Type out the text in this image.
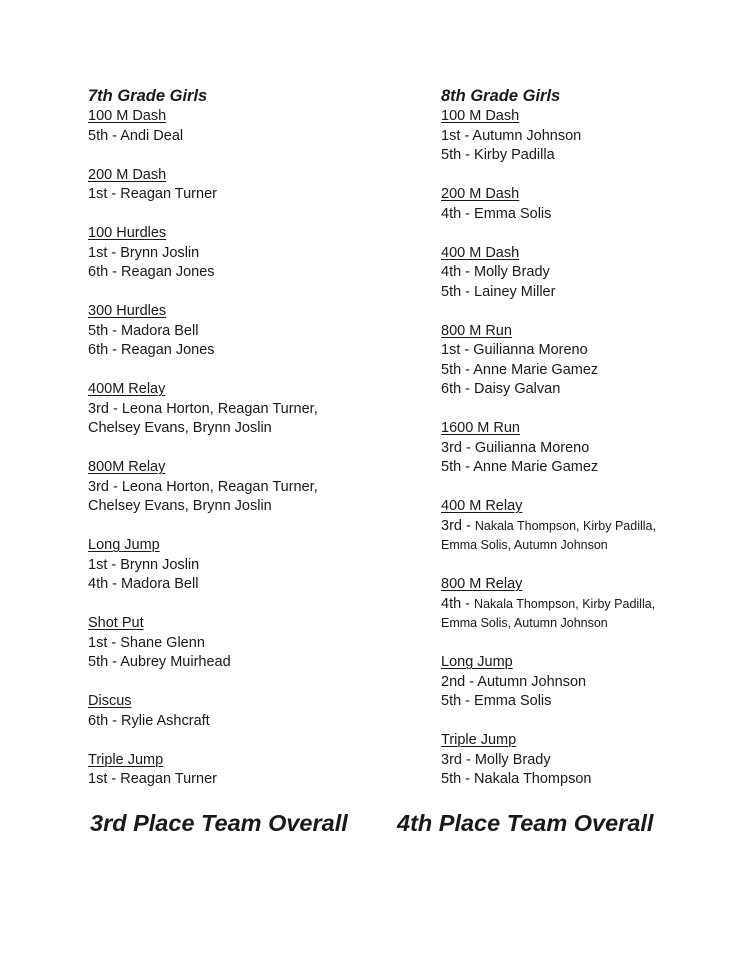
7th Grade Girls

100 M Dash
5th - Andi Deal
200 M Dash
1st - Reagan Turner
100 Hurdles
1st - Brynn Joslin
6th - Reagan Jones
300 Hurdles
5th - Madora Bell
6th - Reagan Jones
400M Relay
3rd - Leona Horton, Reagan Turner,
Chelsey Evans, Brynn Joslin
800M Relay
3rd - Leona Horton, Reagan Turner,
Chelsey Evans, Brynn Joslin
Long Jump
1st - Brynn Joslin
4th - Madora Bell
Shot Put
1st - Shane Glenn
5th - Aubrey Muirhead
Discus
6th - Rylie Ashcraft
Triple Jump
1st - Reagan Turner

8th Grade Girls

100 M Dash
1st - Autumn Johnson
5th - Kirby Padilla
200 M Dash
4th - Emma Solis
400 M Dash
4th - Molly Brady
5th - Lainey Miller
800 M Run
1st - Guilianna Moreno
5th - Anne Marie Gamez
6th - Daisy Galvan
1600 M Run
3rd - Guilianna Moreno
5th - Anne Marie Gamez
400 M Relay
3rd - Nakala Thompson, Kirby Padilla,
Emma Solis, Autumn Johnson
800 M Relay
4th - Nakala Thompson, Kirby Padilla,
Emma Solis, Autumn Johnson
Long Jump
2nd - Autumn Johnson
5th - Emma Solis
Triple Jump
3rd - Molly Brady
5th - Nakala Thompson

3rd Place Team Overall 4th Place Team Overall
